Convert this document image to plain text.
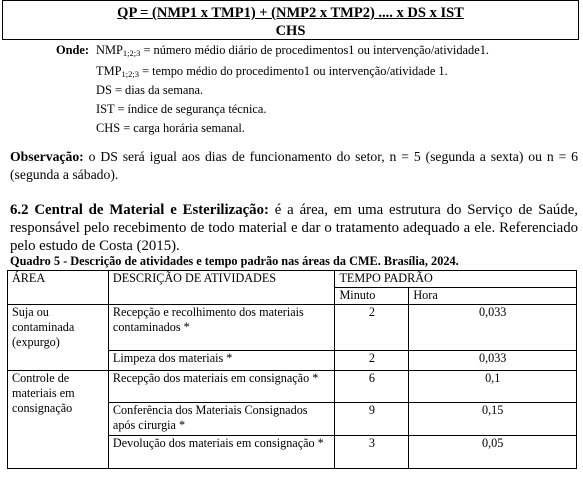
QP = (NMP1 x TMP1) + (NMP2 x TMP2) .... x DS x IST
CHS
Onde: $NMP_{1;2;3}$ = número médio diário de procedimentos1 ou intervenção/atividade1.
$TMP_{1;2;3}$ = tempo médio do procedimento1 ou intervenção/atividade 1.
DS = dias da semana.
IST = índice de segurança técnica.
CHS = carga horária semanal.
Observação: o DS será igual aos dias de funcionamento do setor, n = 5 (segunda a sexta) ou n = 6 (segunda a sábado).
6.2 Central de Material e Esterilização: é a área, em uma estrutura do Serviço de Saúde, responsável pelo recebimento de todo material e dar o tratamento adequado a ele. Referenciado pelo estudo de Costa (2015).
Quadro 5 - Descrição de atividades e tempo padrão nas áreas da CME. Brasília, 2024.
ÁREA	DESCRIÇÃO DE ATIVIDADES	TEMPO PADRÃO	
		Minuto	Hora
Suja ou contaminada (expurgo)	Recepção e recolhimento dos materiais contaminados *	2	0,033
	Limpeza dos materiais *	2	0,033
Controle de materiais em consignação	Recepção dos materiais em consignação *	6	0,1
	Conferência dos Materiais Consignados após cirurgia *	9	0,15
	Devolução dos materiais em consignação *	3	0,05
